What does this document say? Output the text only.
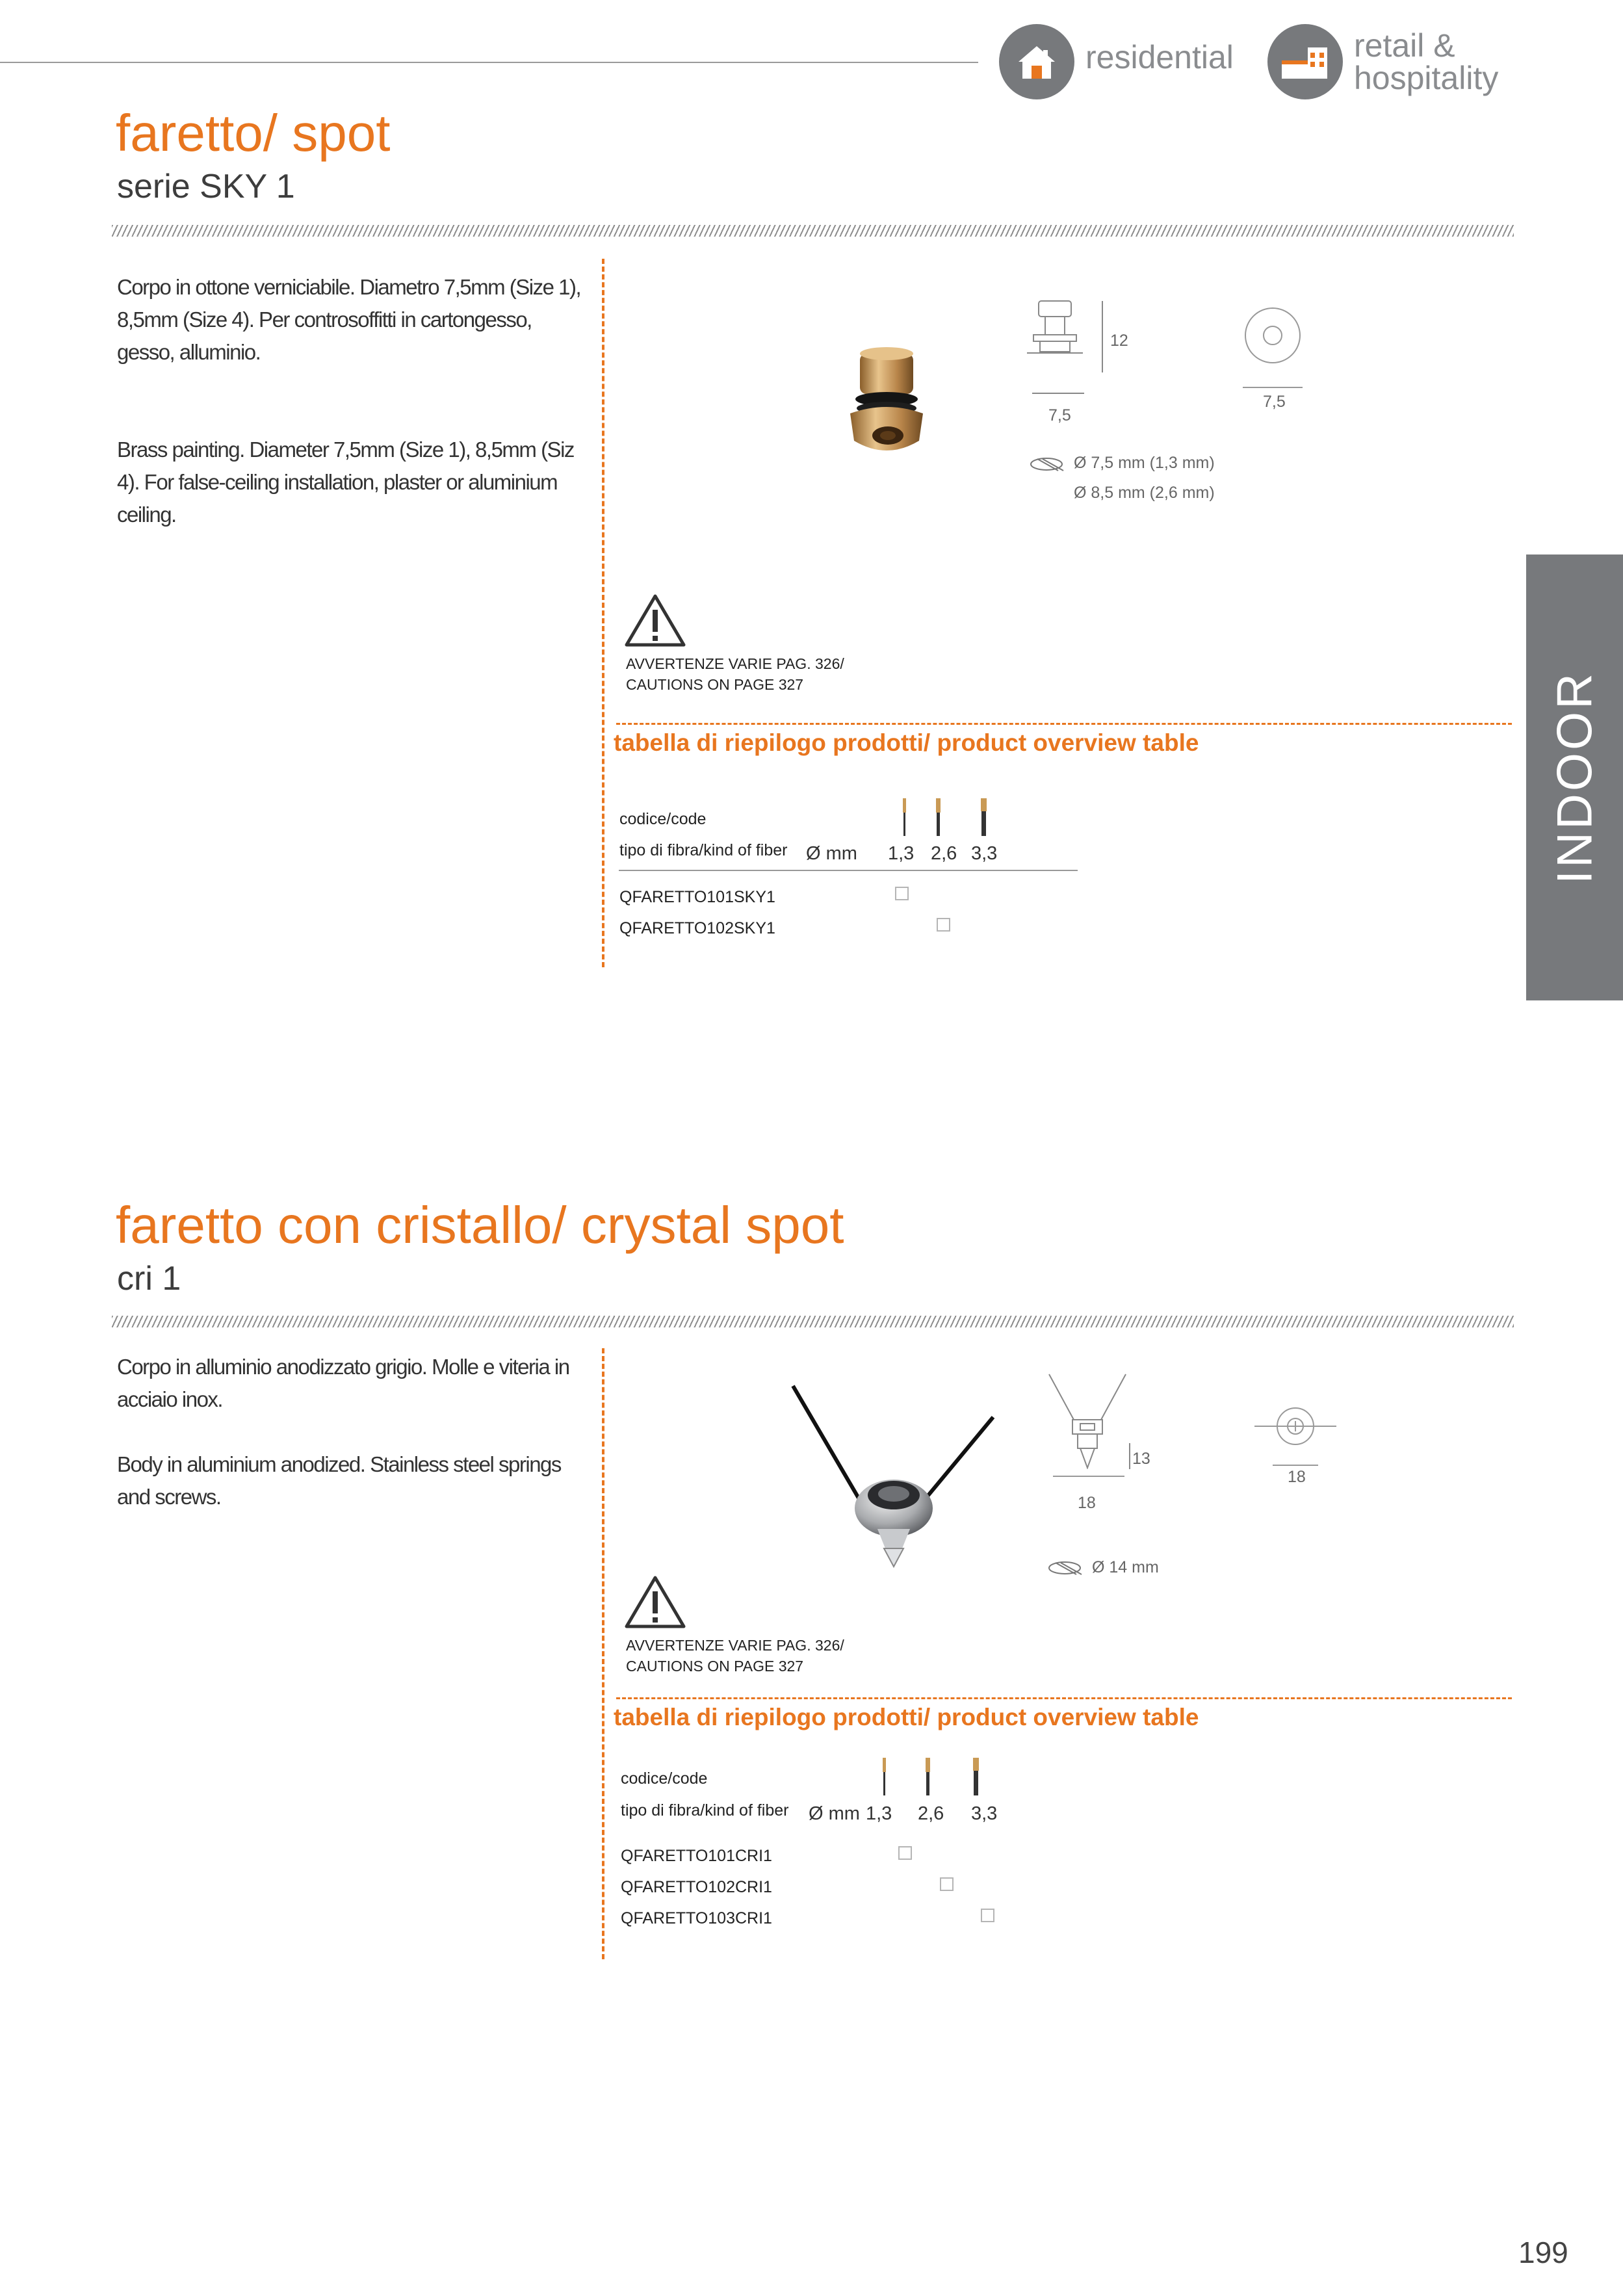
residential	retail &
hospitality
INDOOR
faretto/ spot
serie SKY 1
Corpo in ottone verniciabile. Diametro 7,5mm (Size 1), 8,5mm (Size 4). Per controsoffitti in cartongesso, gesso, alluminio.
Brass painting. Diameter 7,5mm (Size 1), 8,5mm (Siz 4). For false-ceiling installation, plaster or aluminium ceiling.
12
7,5
7,5
Ø 7,5 mm (1,3 mm)
Ø 8,5 mm (2,6 mm)
AVVERTENZE VARIE PAG. 326/
CAUTIONS ON PAGE 327
tabella di riepilogo prodotti/ product overview table
codice/code
tipo di fibra/kind of fiber Ø mm 1,3 2,6 3,3
QFARETTO101SKY1
QFARETTO102SKY1
faretto con cristallo/ crystal spot
cri 1
Corpo in alluminio anodizzato grigio. Molle e viteria in acciaio inox.
Body in aluminium anodized. Stainless steel springs and screws.
13
18
18
Ø 14 mm
AVVERTENZE VARIE PAG. 326/
CAUTIONS ON PAGE 327
tabella di riepilogo prodotti/ product overview table
codice/code
tipo di fibra/kind of fiber Ø mm 1,3 2,6 3,3
QFARETTO101CRI1
QFARETTO102CRI1
QFARETTO103CRI1
199
